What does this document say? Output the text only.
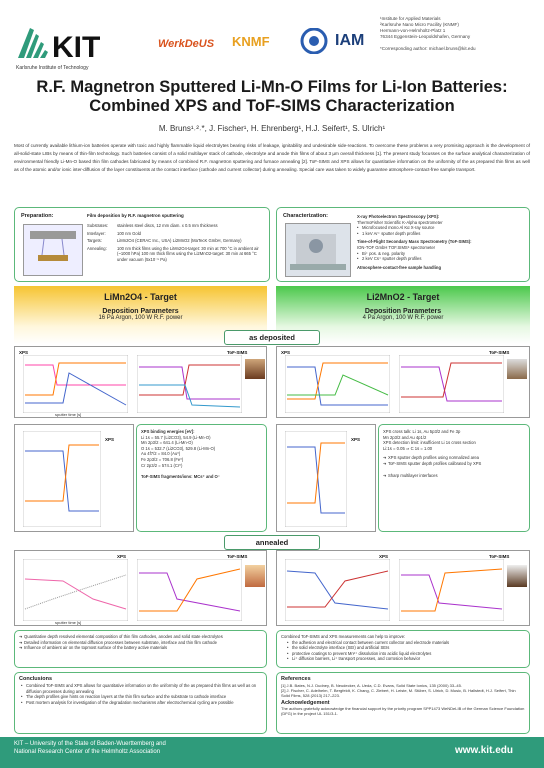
KIT
Karlsruhe Institute of Technology
WerkDeUS KNMF	IAM
¹Institute for Applied Materials
²Karlsruhe Nano Micro Facility (KNMF)
Hermann-von-Helmholtz-Platz 1
76344 Eggenstein-Leopoldshafen, Germany
*Corresponding author: michael.bruns@kit.edu
R.F. Magnetron Sputtered Li-Mn-O Films for Li-Ion Batteries:
Combined XPS and ToF-SIMS Characterization
M. Bruns¹˒²˒*, J. Fischer¹, H. Ehrenberg¹, H.J. Seifert¹, S. Ulrich¹
Most of currently available lithium-ion batteries operate with toxic and highly flammable liquid electrolytes bearing risks of leakage, ignitability and undesirable side-reactions. To overcome these problems a very promising approach is the development of all-solid-state LIBs by means of thin-film technology. Such batteries consist of a solid multilayer stack of cathode, electrolyte and anode thin films of about 3 µm overall thickness [1]. The present study focusses on the surface analytical characterization of environmental friendly Li-Mn-O based thin film cathodes fabricated by means of combined R.F. magnetron sputtering and furnace annealing [2]. ToF-SIMS and XPS allows for quantitative information on the uniformity of the as prepared thin films as well as of the atomic and/or ionic inter-diffusion of the layer constituents at the contact interface (cathode and current collector) during annealing. Special care was taken to widely guarantee atmosphere-contact-free sample transport.
Preparation:	Film deposition by R.F. magnetron sputtering
Substrates:	stainless steel discs, 12 mm diam. x 0.5 mm thickness
Interlayer:	100 nm Gold
Targets:	LiMn2O4 (CERAC Inc., USA) Li2MnO2 (MaTecK GmbH, Germany)
Annealing:	100 nm thick films using the LiMn2O4-target: 30 min at 700 °C in ambient air (~1000 hPa) 100 nm thick films using the Li2MnO2-target: 30 min at 665 °C under vacuum (5x10⁻⁵ Pa)
Characterization:	X-ray Photoelectron Spectroscopy (XPS):
ThermoFisher Scientific K-Alpha spectrometer
• Microfocused mono Al Kα X-ray source
• 1 keV Ar⁺ sputter depth profiles
Time-of-Flight Secondary Mass Spectrometry (ToF-SIMS):
ION-TOF GmbH TOF.SIMS⁵ spectrometer
• Bi⁺ pos. & neg. polarity
• 2 keV Cs⁺ sputter depth profiles
Atmosphere-contact-free sample handling
LiMn2O4 - Target
Deposition Parameters
16 Pa Argon, 100 W R.F. power
Li2MnO2 - Target
Deposition Parameters
4 Pa Argon, 100 W R.F. power
as deposited
XPS	ToF-SIMS
sputter time [s]
XPS	ToF-SIMS
XPS
XPS binding energies [eV]:
Li 1s = 55.7 (Li2CO3), 54.9 (Li-Mn-O)
Mn 2p3/2 = 641.4 (Li-Mn-O)
O 1s = 532.7 (Li2CO3), 529.8 (Li-Mn-O)
Au 4f7/2 = 84.0 (Au⁰)
Fe 2p3/2 = 706.8 (Fe⁰)
Cr 2p3/2 = 574.1 (Cr⁰)
ToF-SIMS fragments/ions: MCs⁺ and O⁻
XPS
XPS cross talk: Li 1s, Au 5p3/2 and Fe 3p
Mn 2p3/2 and Au 4p1/2
XPS detection limit: insufficient Li 1s cross section
Li:1s = 0.05 ⇒ C 1s = 1.00
➔ XPS sputter depth profiles using normalized area
➔ ToF-SIMS sputter depth profiles calibrated by XPS
➔ Sharp multilayer interfaces
annealed
XPS	ToF-SIMS
sputter time [s]
XPS	ToF-SIMS
➔ Quantitative depth resolved elemental composition of thin film cathodes, anodes and solid state electrolytes
➔ Detailed information on elemental diffusion processes between substrate, interface and thin film cathode
➔ Influence of ambient air on the topmost surface of the battery active materials
Combined ToF-SIMS and XPS measurements can help to improve:
• the adhesion and electrical contact between current collector and electrode materials
• the solid electrolyte interface (SEI) and artificial SEIs
• protective coatings to prevent Mn²⁺ dissolution into acidic liquid electrolytes
• Li⁺ diffusion barriers, Li⁺ transport processes, and corrosion behavior
Conclusions
• Combined ToF-SIMS and XPS allows for quantitative information on the uniformity of the as prepared thin films as well as on diffusion processes during annealing
• The depth profiles give hints on reaction layers at the thin film surface and the substrate to cathode interface
• Post mortem analysis for investigation of the degradation mechanisms after electrochemical cycling are possible
References
[1] J.B. Bates, N.J. Dudney, B. Neudecker, A. Ueda, C.D. Evans, Solid State Ionics, 135 (2000) 33–45.
[2] J. Fischer, C. Adelhelm, T. Bergfeldt, K. Chang, C. Ziebert, H. Leiste, M. Stüber, S. Ulrich, D. Music, B. Hallstedt, H.J. Seifert, Thin Solid Films, 528 (2013) 217–223.
Acknowledgement
The authors gratefully acknowledge the financial support by the priority program SPP1473 WeNDeLIB of the German Science Foundation (DFG) in the project UL 151/3-1.
KIT – University of the State of Baden-Wuerttemberg and
National Research Center of the Helmholtz Association	www.kit.edu
